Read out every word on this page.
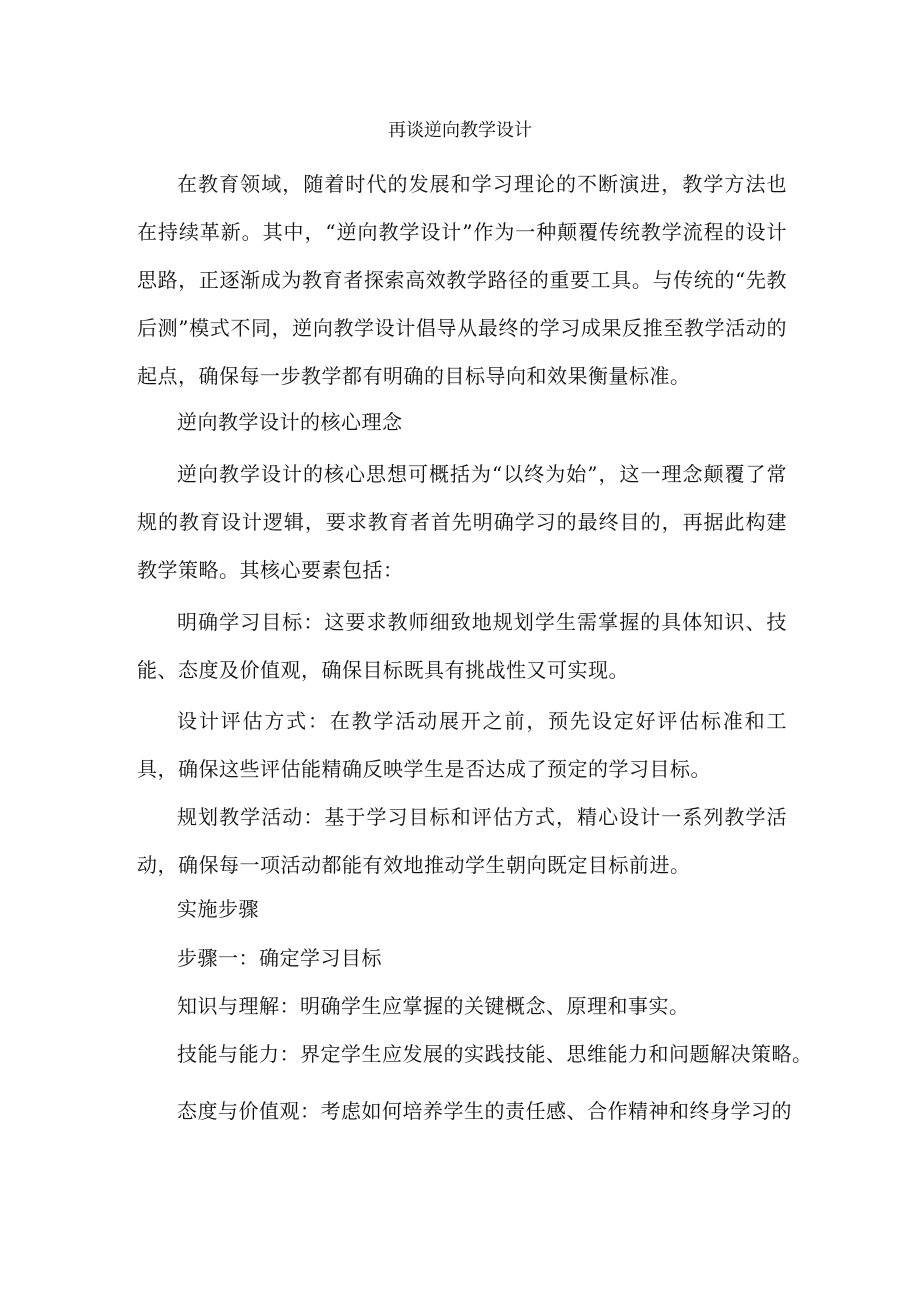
再谈逆向教学设计

在教育领域，随着时代的发展和学习理论的不断演进，教学方法也在持续革新。其中，“逆向教学设计”作为一种颠覆传统教学流程的设计思路，正逐渐成为教育者探索高效教学路径的重要工具。与传统的“先教后测”模式不同，逆向教学设计倡导从最终的学习成果反推至教学活动的起点，确保每一步教学都有明确的目标导向和效果衡量标准。

逆向教学设计的核心理念

逆向教学设计的核心思想可概括为“以终为始”，这一理念颠覆了常规的教育设计逻辑，要求教育者首先明确学习的最终目的，再据此构建教学策略。其核心要素包括：

明确学习目标：这要求教师细致地规划学生需掌握的具体知识、技能、态度及价值观，确保目标既具有挑战性又可实现。

设计评估方式：在教学活动展开之前，预先设定好评估标准和工具，确保这些评估能精确反映学生是否达成了预定的学习目标。

规划教学活动：基于学习目标和评估方式，精心设计一系列教学活动，确保每一项活动都能有效地推动学生朝向既定目标前进。

实施步骤

步骤一：确定学习目标

知识与理解：明确学生应掌握的关键概念、原理和事实。

技能与能力：界定学生应发展的实践技能、思维能力和问题解决策略。

态度与价值观：考虑如何培养学生的责任感、合作精神和终身学习的
